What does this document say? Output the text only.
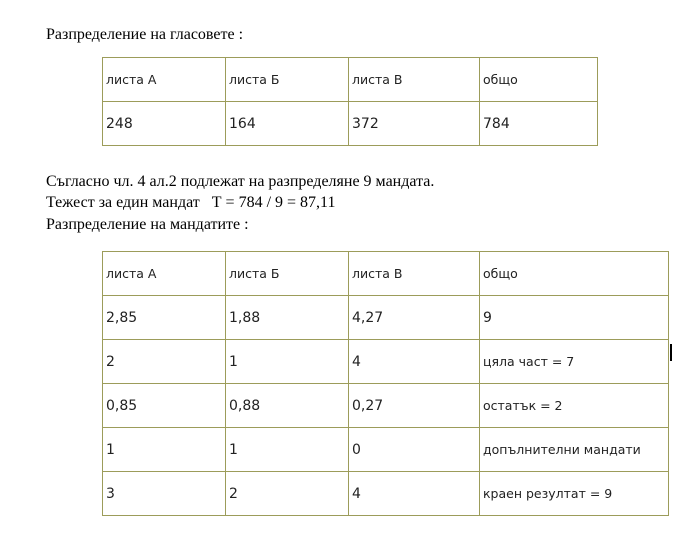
Разпределение на гласовете :
листа А	листа Б	листа В	общо
248	164	372	784
Съгласно чл. 4 ал.2 подлежат на разпределяне 9 мандата.
Тежест за един мандат   Т = 784 / 9 = 87,11
Разпределение на мандатите :
листа А	листа Б	листа В	общо
2,85	1,88	4,27	9
2	1	4	цяла част = 7
0,85	0,88	0,27	остатък = 2
1	1	0	допълнителни мандати
3	2	4	краен резултат = 9
